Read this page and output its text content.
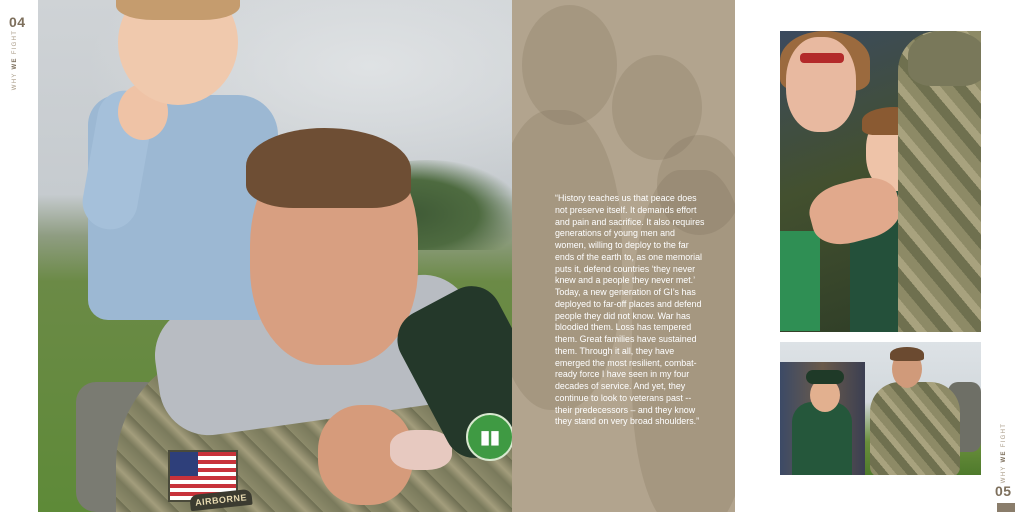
04
WHY WE FIGHT
▮▮
AIRBORNE

“History teaches us that peace does not preserve itself. It demands effort and pain and sacrifice. It also requires generations of young men and women, willing to deploy to the far ends of the earth to, as one memorial puts it, defend countries ‘they never knew and a people they never met.’ Today, a new generation of GI’s has deployed to far-off places and defend people they did not know. War has bloodied them. Loss has tempered them. Great families have sustained them. Through it all, they have emerged the most resilient, combat-ready force I have seen in my four decades of service. And yet, they continue to look to veterans past -- their predecessors – and they know they stand on very broad shoulders.”

WHY WE FIGHT
05
